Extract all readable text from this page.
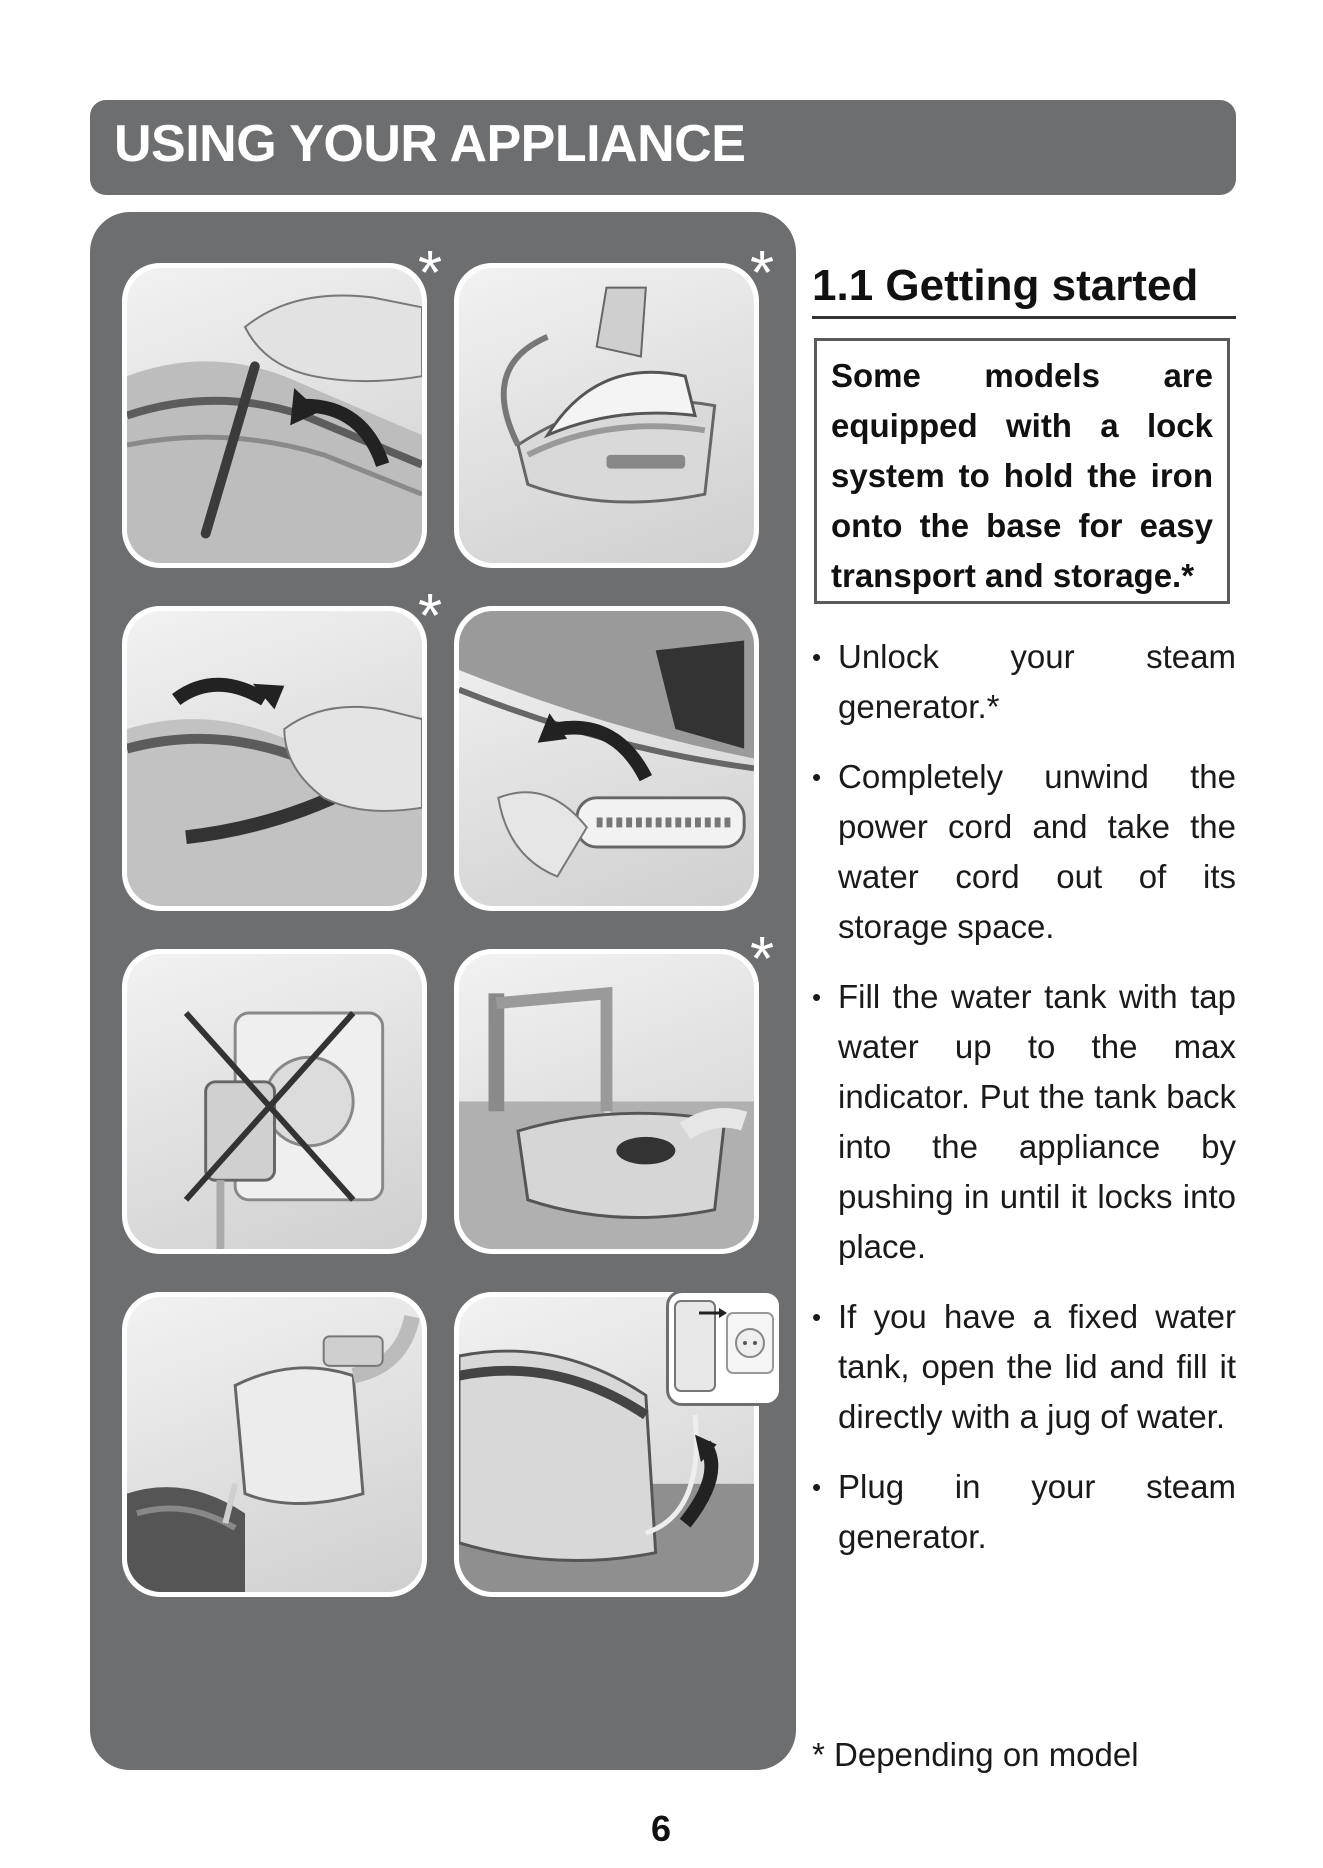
USING YOUR APPLIANCE
*	*
*
*
1.1 Getting started
Some models are equipped with a lock system to hold the iron onto the base for easy transport and storage.*
• Unlock your steam generator.*
• Completely unwind the power cord and take the water cord out of its storage space.
• Fill the water tank with tap water up to the max indicator. Put the tank back into the appliance by pushing in until it locks into place.
• If you have a fixed water tank, open the lid and fill it directly with a jug of water.
• Plug in your steam generator.
* Depending on model
6
